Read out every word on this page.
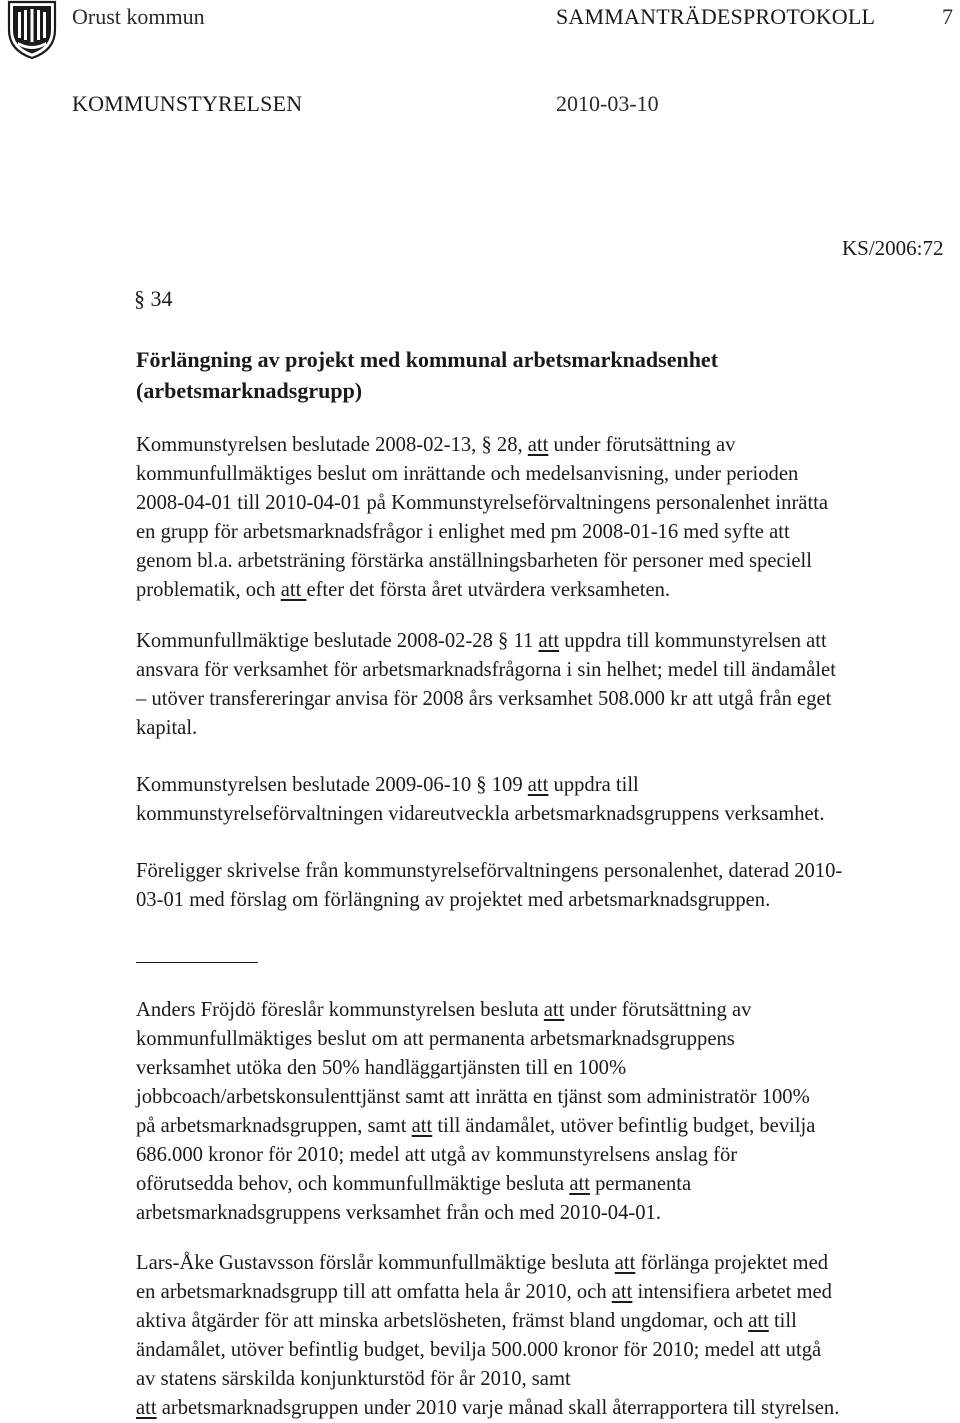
Orust kommun	SAMMANTRÄDESPROTOKOLL	7
KOMMUNSTYRELSEN	2010-03-10
KS/2006:72
§ 34
Förlängning av projekt med kommunal arbetsmarknadsenhet
(arbetsmarknadsgrupp)
Kommunstyrelsen beslutade 2008-02-13, § 28, att under förutsättning av
kommunfullmäktiges beslut om inrättande och medelsanvisning, under perioden
2008-04-01 till 2010-04-01 på Kommunstyrelseförvaltningens personalenhet inrätta
en grupp för arbetsmarknadsfrågor i enlighet med pm 2008-01-16 med syfte att
genom bl.a. arbetsträning förstärka anställningsbarheten för personer med speciell
problematik, och att efter det första året utvärdera verksamheten.
Kommunfullmäktige beslutade 2008-02-28 § 11 att uppdra till kommunstyrelsen att
ansvara för verksamhet för arbetsmarknadsfrågorna i sin helhet; medel till ändamålet
– utöver transfereringar anvisa för 2008 års verksamhet 508.000 kr att utgå från eget
kapital.
Kommunstyrelsen beslutade 2009-06-10 § 109 att uppdra till
kommunstyrelseförvaltningen vidareutveckla arbetsmarknadsgruppens verksamhet.
Föreligger skrivelse från kommunstyrelseförvaltningens personalenhet, daterad 2010-
03-01 med förslag om förlängning av projektet med arbetsmarknadsgruppen.
Anders Fröjdö föreslår kommunstyrelsen besluta att under förutsättning av
kommunfullmäktiges beslut om att permanenta arbetsmarknadsgruppens
verksamhet utöka den 50% handläggartjänsten till en 100%
jobbcoach/arbetskonsulenttjänst samt att inrätta en tjänst som administratör 100%
på arbetsmarknadsgruppen, samt att till ändamålet, utöver befintlig budget, bevilja
686.000 kronor för 2010; medel att utgå av kommunstyrelsens anslag för
oförutsedda behov, och kommunfullmäktige besluta att permanenta
arbetsmarknadsgruppens verksamhet från och med 2010-04-01.
Lars-Åke Gustavsson förslår kommunfullmäktige besluta att förlänga projektet med
en arbetsmarknadsgrupp till att omfatta hela år 2010, och att intensifiera arbetet med
aktiva åtgärder för att minska arbetslösheten, främst bland ungdomar, och att till
ändamålet, utöver befintlig budget, bevilja 500.000 kronor för 2010; medel att utgå
av statens särskilda konjunkturstöd för år 2010, samt
att arbetsmarknadsgruppen under 2010 varje månad skall återrapportera till styrelsen.
